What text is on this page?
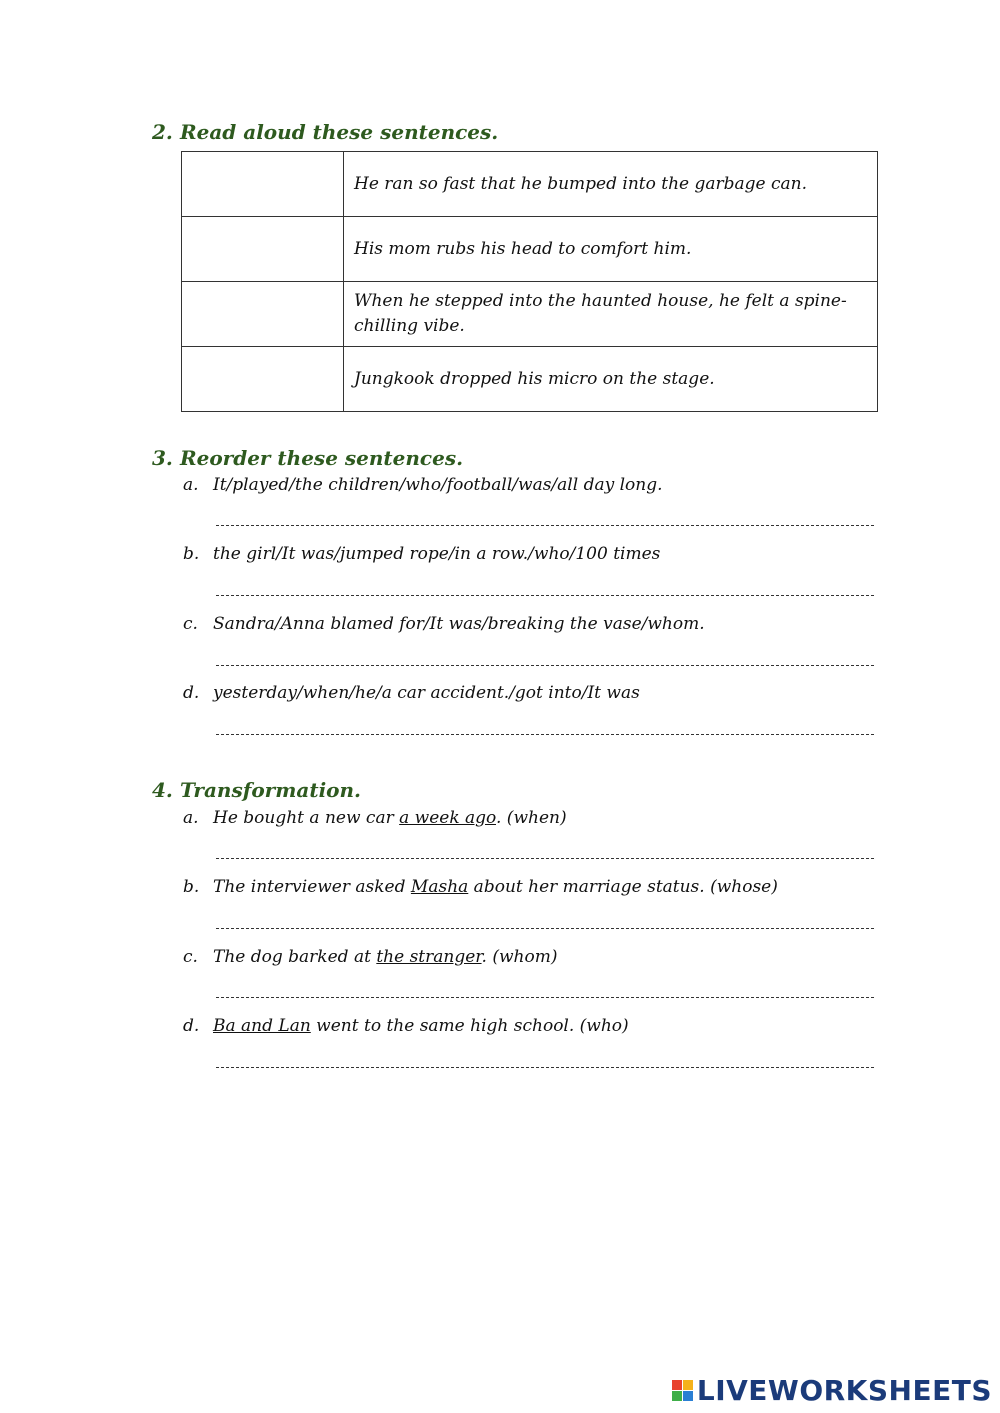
2. Read aloud these sentences.
	He ran so fast that he bumped into the garbage can.
	His mom rubs his head to comfort him.
	When he stepped into the haunted house, he felt a spine-chilling vibe.
	Jungkook dropped his micro on the stage.
3. Reorder these sentences.

a. It/played/the children/who/football/was/all day long.

b. the girl/It was/jumped rope/in a row./who/100 times

c. Sandra/Anna blamed for/It was/breaking the vase/whom.

d. yesterday/when/he/a car accident./got into/It was

4. Transformation.

a. He bought a new car a week ago. (when)

b. The interviewer asked Masha about her marriage status. (whose)

c. The dog barked at the stranger. (whom)

d. Ba and Lan went to the same high school. (who)

LIVEWORKSHEETS
